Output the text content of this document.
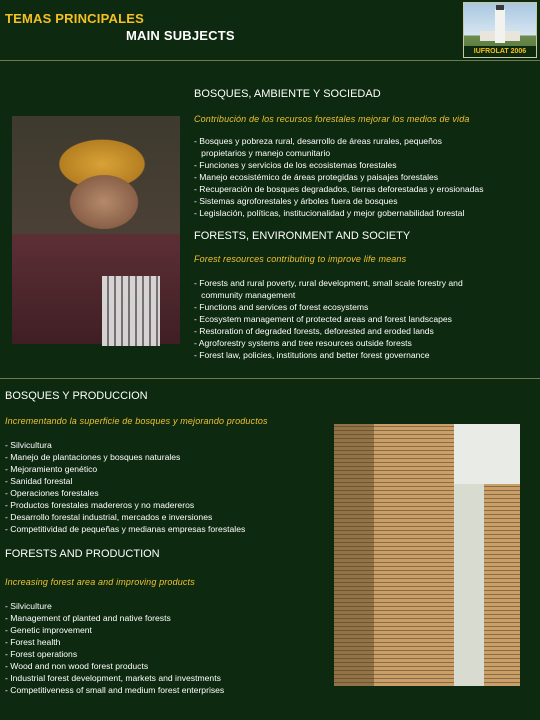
TEMAS PRINCIPALES
MAIN SUBJECTS
IUFROLAT 2006
BOSQUES, AMBIENTE Y SOCIEDAD
Contribución de los recursos forestales mejorar los medios de vida
- Bosques y pobreza rural, desarrollo de áreas rurales, pequeños
propietarios y manejo comunitario
- Funciones y servicios de los ecosistemas forestales
- Manejo ecosistémico de áreas protegidas y paisajes forestales
- Recuperación de bosques degradados, tierras deforestadas y erosionadas
- Sistemas agroforestales y árboles fuera de bosques
- Legislación, políticas, institucionalidad y mejor gobernabilidad forestal
FORESTS, ENVIRONMENT AND SOCIETY
Forest resources contributing to improve life means
- Forests and rural poverty, rural development, small scale forestry and
community management
- Functions and services of forest ecosystems
- Ecosystem management of protected areas and forest landscapes
- Restoration of degraded forests, deforested and eroded lands
- Agroforestry systems and tree resources outside forests
- Forest law, policies, institutions and better forest governance
BOSQUES Y PRODUCCION
Incrementando la superficie de bosques y mejorando productos
- Silvicultura
- Manejo de plantaciones y bosques naturales
- Mejoramiento genético
- Sanidad forestal
- Operaciones forestales
- Productos forestales madereros y no madereros
- Desarrollo forestal industrial, mercados e inversiones
- Competitividad de pequeñas y medianas empresas forestales
FORESTS AND PRODUCTION
Increasing forest area and improving products
- Silviculture
- Management of planted and native forests
- Genetic improvement
- Forest health
- Forest operations
- Wood and non wood forest products
- Industrial forest development, markets and investments
- Competitiveness of small and medium forest enterprises
